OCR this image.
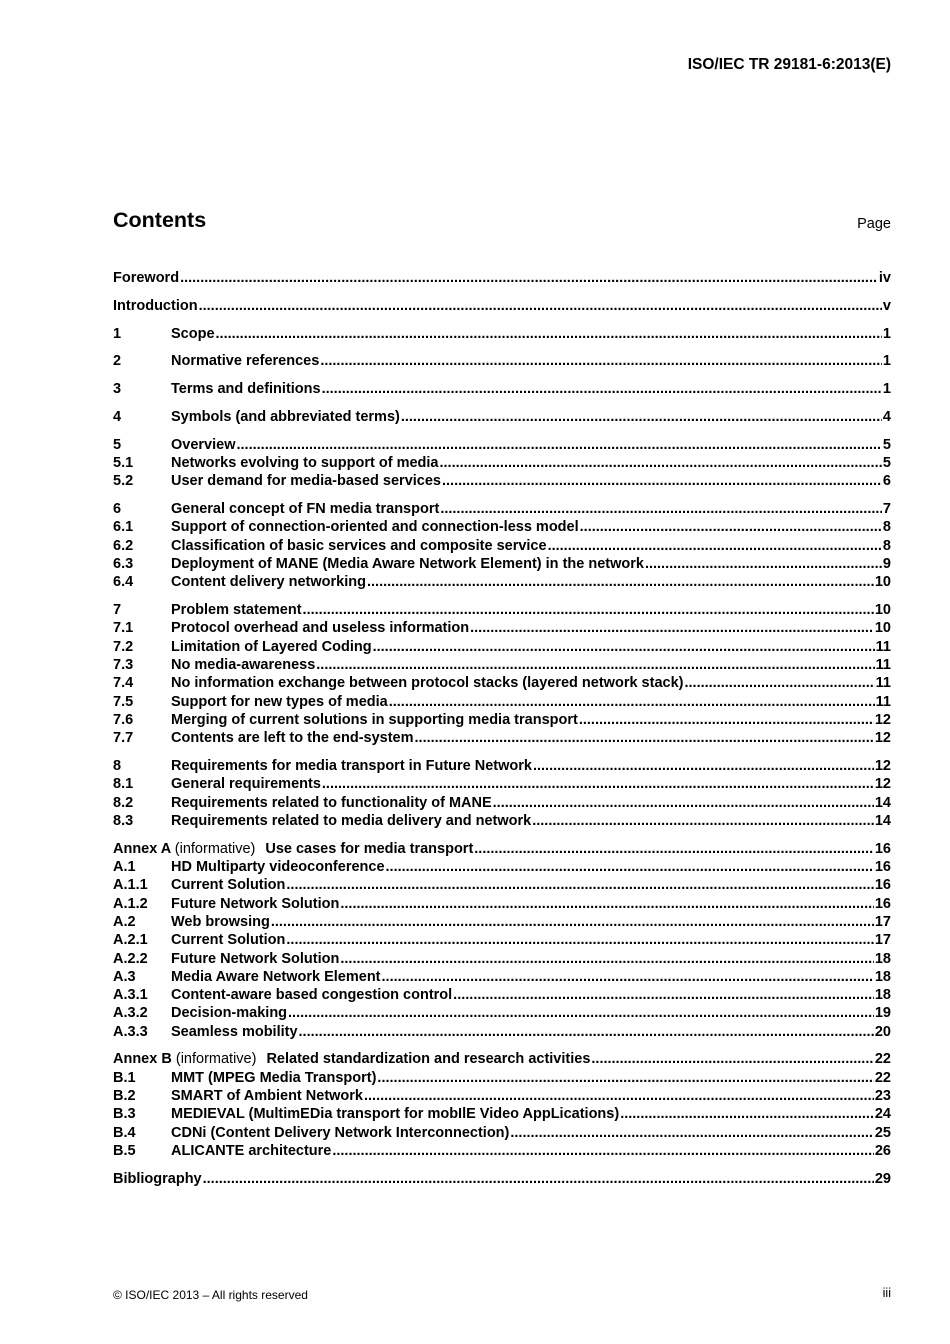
ISO/IEC TR 29181-6:2013(E)
Contents	Page
Foreword .....	iv
Introduction .....	v
1	Scope .....	1
2	Normative references .....	1
3	Terms and definitions .....	1
4	Symbols (and abbreviated terms) .....	4
5	Overview .....	5
5.1	Networks evolving to support of media .....	5
5.2	User demand for media-based services .....	6
6	General concept of FN media transport .....	7
6.1	Support of connection-oriented and connection-less model .....	8
6.2	Classification of basic services and composite service .....	8
6.3	Deployment of MANE (Media Aware Network Element) in the network .....	9
6.4	Content delivery networking .....	10
7	Problem statement .....	10
7.1	Protocol overhead and useless information .....	10
7.2	Limitation of Layered Coding .....	11
7.3	No media-awareness .....	11
7.4	No information exchange between protocol stacks (layered network stack) .....	11
7.5	Support for new types of media .....	11
7.6	Merging of current solutions in supporting media transport .....	12
7.7	Contents are left to the end-system .....	12
8	Requirements for media transport in Future Network .....	12
8.1	General requirements .....	12
8.2	Requirements related to functionality of MANE .....	14
8.3	Requirements related to media delivery and network .....	14
Annex A (informative) Use cases for media transport .....	16
A.1	HD Multiparty videoconference .....	16
A.1.1	Current Solution .....	16
A.1.2	Future Network Solution .....	16
A.2	Web browsing .....	17
A.2.1	Current Solution .....	17
A.2.2	Future Network Solution .....	18
A.3	Media Aware Network Element .....	18
A.3.1	Content-aware based congestion control .....	18
A.3.2	Decision-making .....	19
A.3.3	Seamless mobility .....	20
Annex B (informative) Related standardization and research activities .....	22
B.1	MMT (MPEG Media Transport) .....	22
B.2	SMART of Ambient Network .....	23
B.3	MEDIEVAL (MultimEDia transport for mobIlE Video AppLications) .....	24
B.4	CDNi (Content Delivery Network Interconnection) .....	25
B.5	ALICANTE architecture .....	26
Bibliography .....	29
© ISO/IEC 2013 – All rights reserved	iii
